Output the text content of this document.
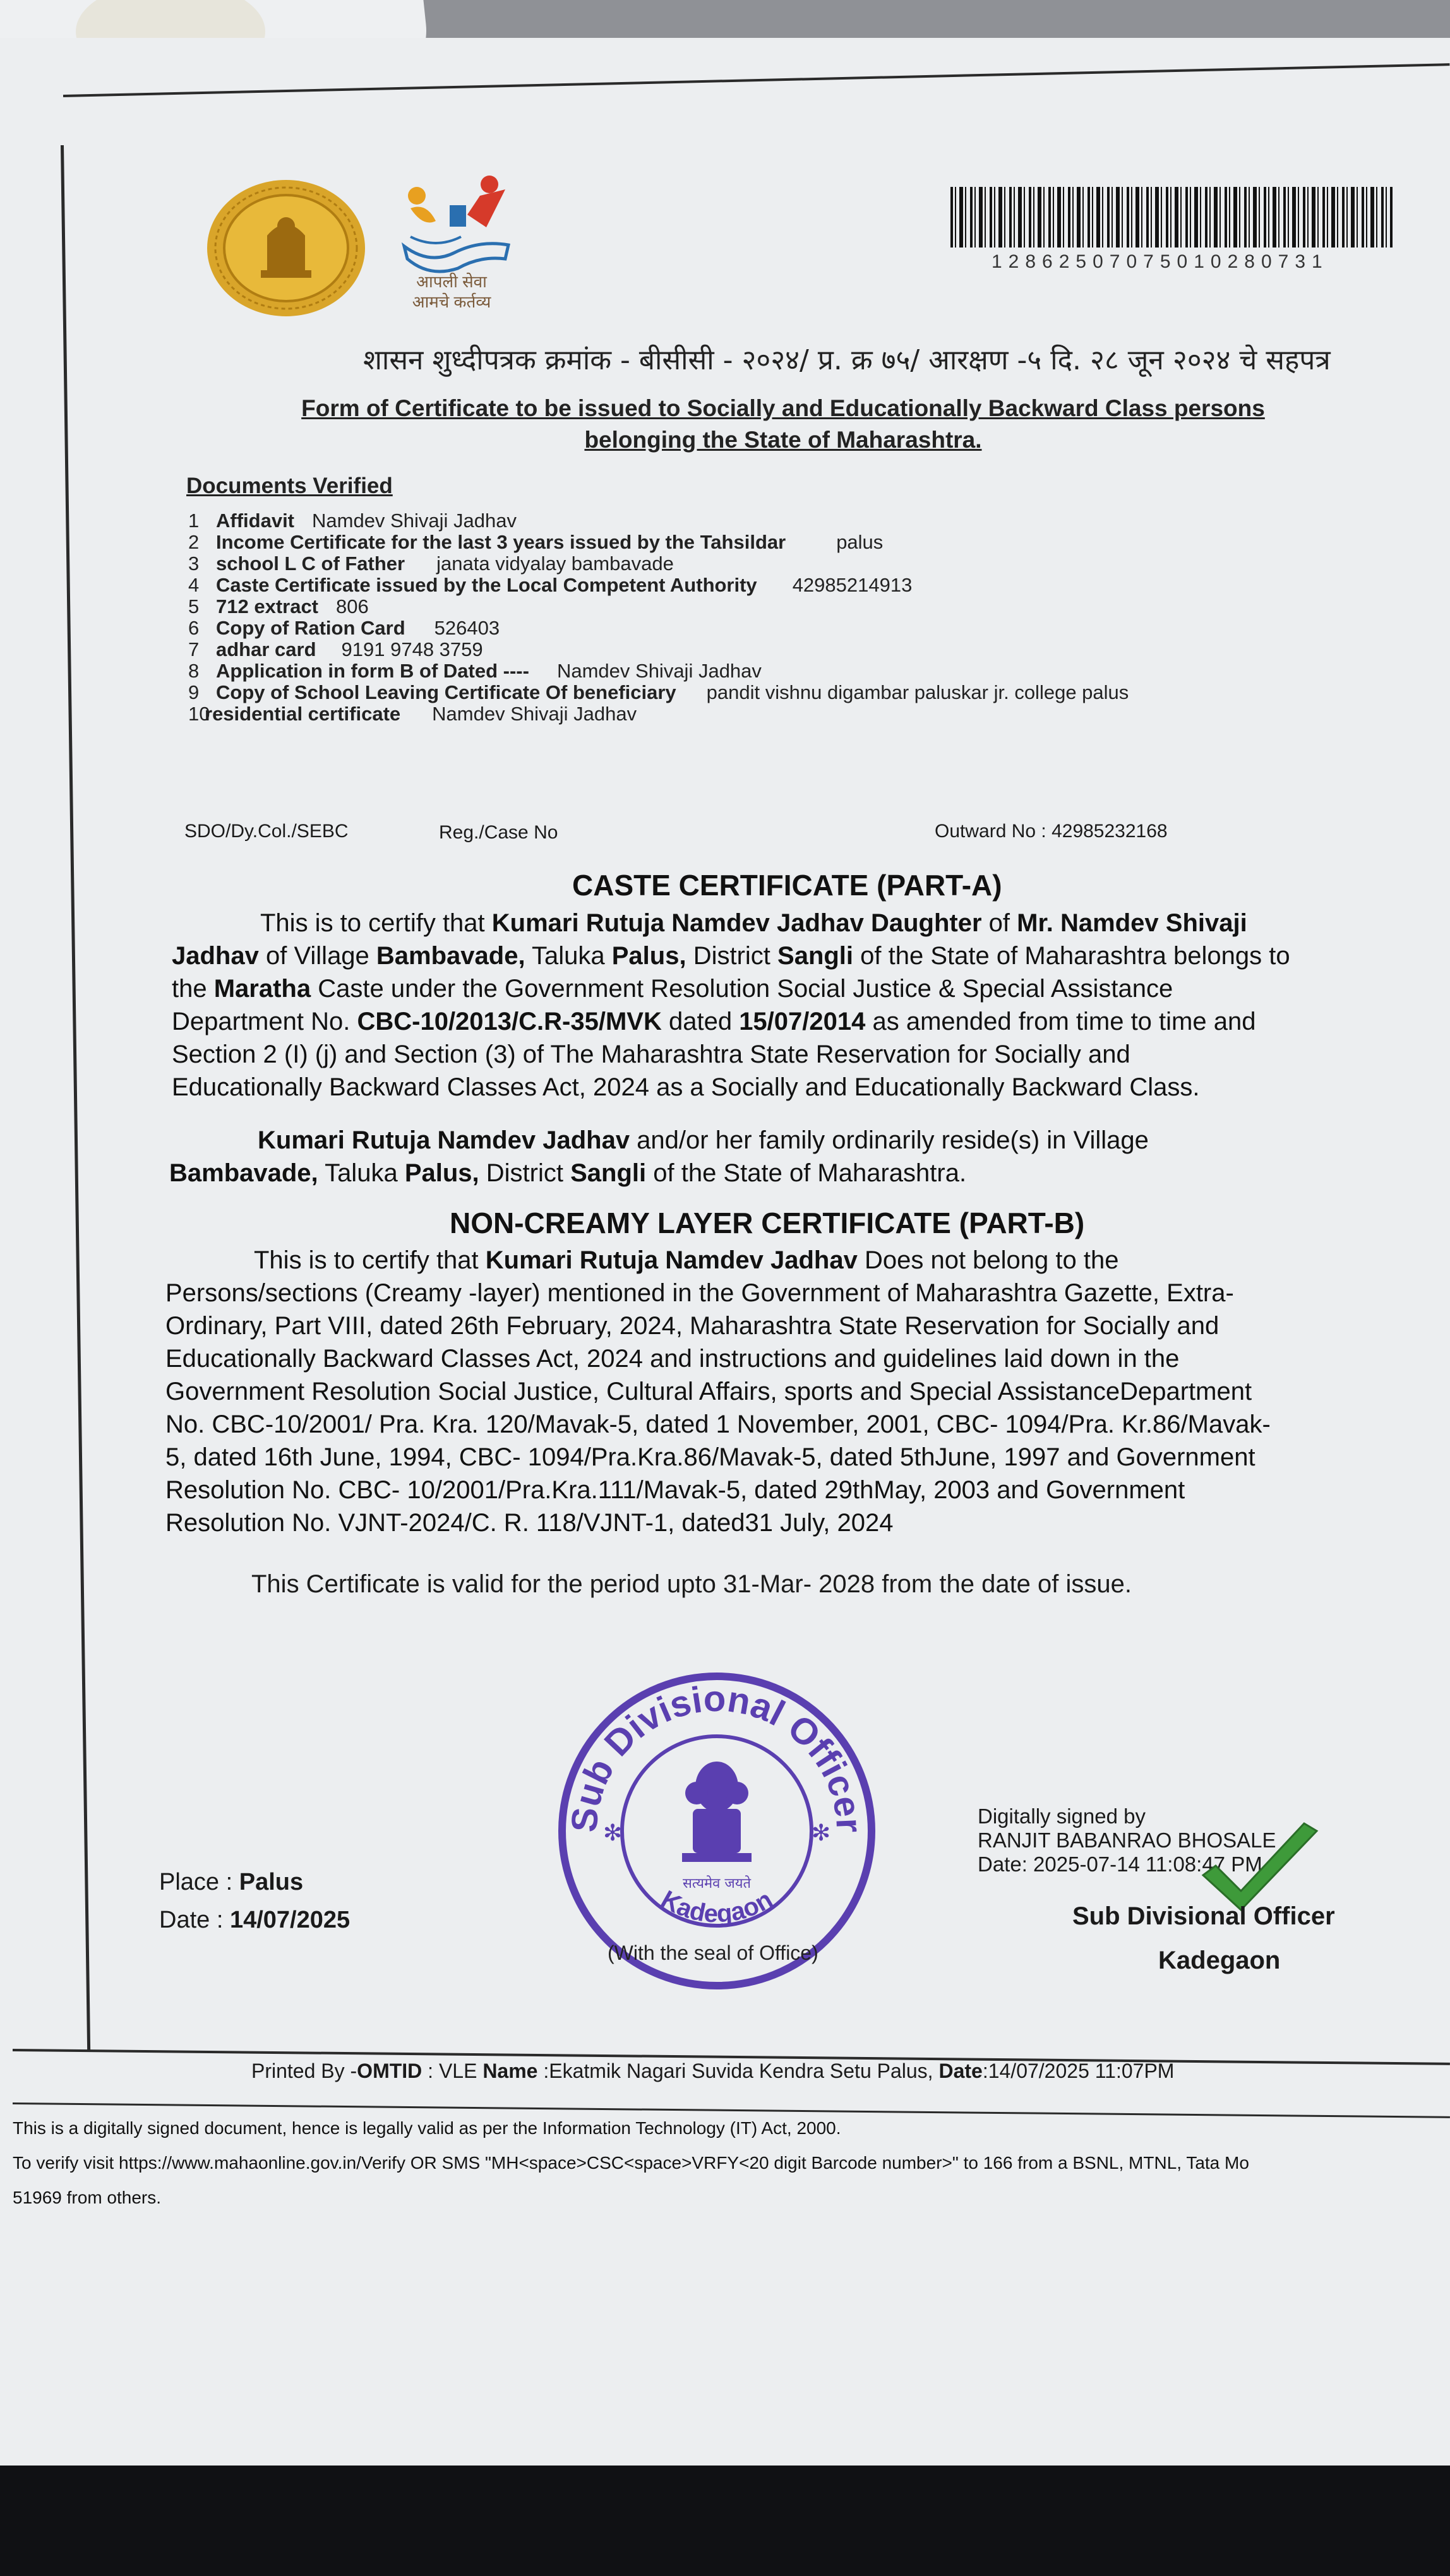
आपली सेवा
आमचे कर्तव्य
12862507075010280731
शासन शुध्दीपत्रक क्रमांक - बीसीसी - २०२४/ प्र. क्र ७५/ आरक्षण -५ दि. २८ जून २०२४ चे सहपत्र
Form of Certificate to be issued to Socially and Educationally Backward Class persons
belonging the State of Maharashtra.
Documents Verified
1 Affidavit Namdev Shivaji Jadhav
2 Income Certificate for the last 3 years issued by the Tahsildar	palus
3 school L C of Father janata vidyalay bambavade
4 Caste Certificate issued by the Local Competent Authority 42985214913
5 712 extract 806
6 Copy of Ration Card 526403
7 adhar card 9191 9748 3759
8 Application in form B of Dated ---- Namdev Shivaji Jadhav
9 Copy of School Leaving Certificate Of beneficiary pandit vishnu digambar paluskar jr. college palus
10residential certificate Namdev Shivaji Jadhav
SDO/Dy.Col./SEBC	Reg./Case No	Outward No : 42985232168
CASTE CERTIFICATE (PART-A)
This is to certify that Kumari Rutuja Namdev Jadhav Daughter of Mr. Namdev Shivaji
Jadhav of Village Bambavade, Taluka Palus, District Sangli of the State of Maharashtra belongs to
the Maratha Caste under the Government Resolution Social Justice & Special Assistance
Department No. CBC-10/2013/C.R-35/MVK dated 15/07/2014 as amended from time to time and
Section 2 (I) (j) and Section (3) of The Maharashtra State Reservation for Socially and
Educationally Backward Classes Act, 2024 as a Socially and Educationally Backward Class.
Kumari Rutuja Namdev Jadhav and/or her family ordinarily reside(s) in Village
Bambavade, Taluka Palus, District Sangli of the State of Maharashtra.
NON-CREAMY LAYER CERTIFICATE (PART-B)
This is to certify that Kumari Rutuja Namdev Jadhav Does not belong to the
Persons/sections (Creamy -layer) mentioned in the Government of Maharashtra Gazette, Extra-
Ordinary, Part VIII, dated 26th February, 2024, Maharashtra State Reservation for Socially and
Educationally Backward Classes Act, 2024 and instructions and guidelines laid down in the
Government Resolution Social Justice, Cultural Affairs, sports and Special AssistanceDepartment
No. CBC-10/2001/ Pra. Kra. 120/Mavak-5, dated 1 November, 2001, CBC- 1094/Pra. Kr.86/Mavak-
5, dated 16th June, 1994, CBC- 1094/Pra.Kra.86/Mavak-5, dated 5thJune, 1997 and Government
Resolution No. CBC- 10/2001/Pra.Kra.111/Mavak-5, dated 29thMay, 2003 and Government
Resolution No. VJNT-2024/C. R. 118/VJNT-1, dated31 July, 2024
This Certificate is valid for the period upto 31-Mar- 2028 from the date of issue.
Place : Palus
Date : 14/07/2025
Sub Divisional Officer
Kadegaon
सत्यमेव जयते
✻	✻
(With the seal of Office)
Digitally signed by
RANJIT BABANRAO BHOSALE
Date: 2025-07-14 11:08:47 PM
Sub Divisional Officer
Kadegaon
Printed By -OMTID : VLE Name :Ekatmik Nagari Suvida Kendra Setu Palus, Date:14/07/2025 11:07PM
This is a digitally signed document, hence is legally valid as per the Information Technology (IT) Act, 2000.
To verify visit https://www.mahaonline.gov.in/Verify OR SMS "MH<space>CSC<space>VRFY<20 digit Barcode number>" to 166 from a BSNL, MTNL, Tata Mo
51969 from others.
